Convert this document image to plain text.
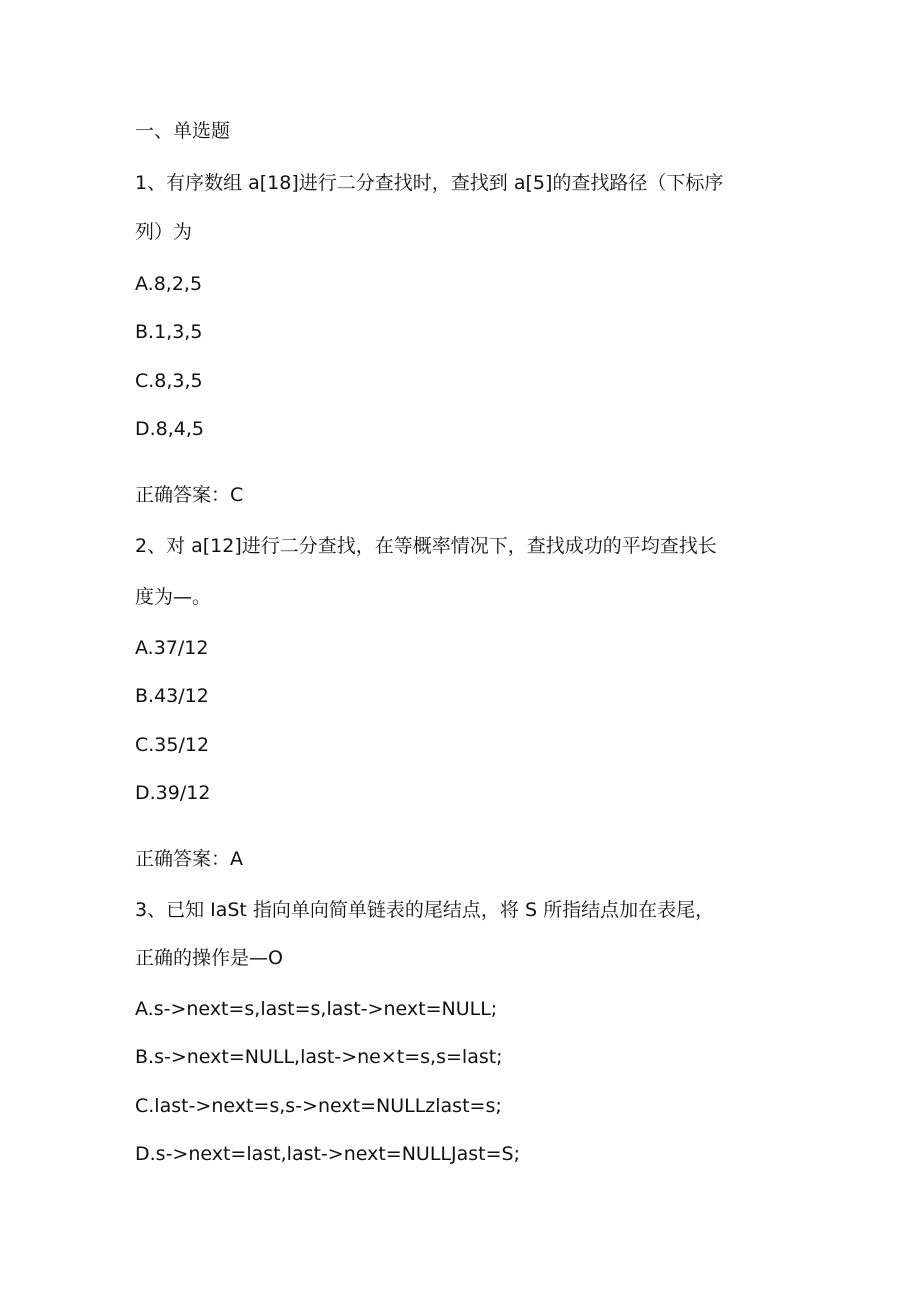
一、单选题
1、有序数组 a[18]进行二分查找时，查找到 a[5]的查找路径（下标序
列）为
A.8,2,5
B.1,3,5
C.8,3,5
D.8,4,5
正确答案：C
2、对 a[12]进行二分查找，在等概率情况下，查找成功的平均查找长
度为—。
A.37/12
B.43/12
C.35/12
D.39/12
正确答案：A
3、已知 IaSt 指向单向简单链表的尾结点，将 S 所指结点加在表尾，
正确的操作是—O
A.s->next=s,last=s,last->next=NULL;
B.s->next=NULL,last->ne×t=s,s=last;
C.last->next=s,s->next=NULLzlast=s;
D.s->next=last,last->next=NULLJast=S;
